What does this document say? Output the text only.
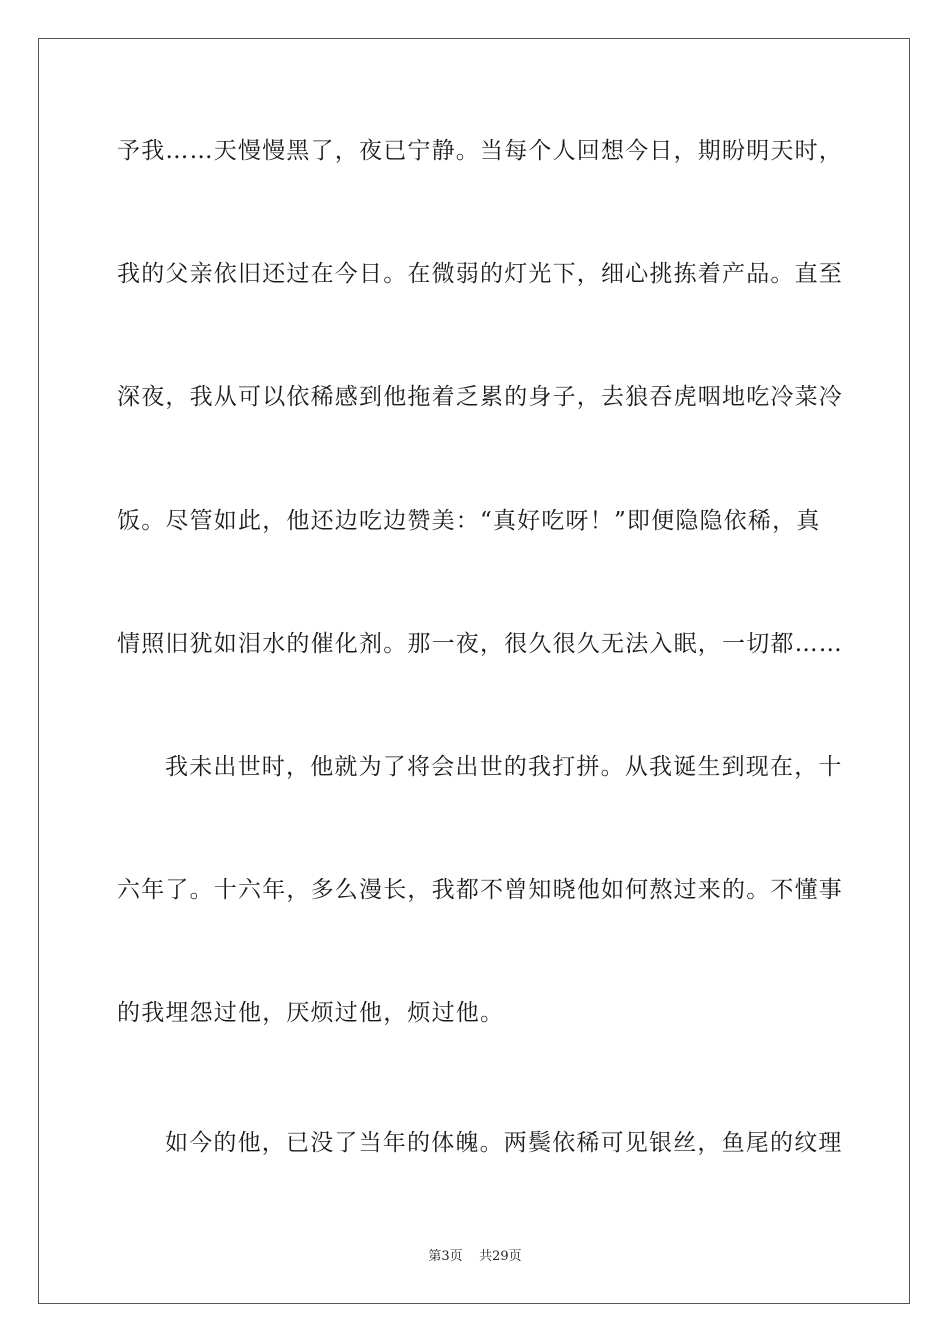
予我……天慢慢黑了，夜已宁静。当每个人回想今日，期盼明天时，
我的父亲依旧还过在今日。在微弱的灯光下，细心挑拣着产品。直至
深夜，我从可以依稀感到他拖着乏累的身子，去狼吞虎咽地吃冷菜冷
饭。尽管如此，他还边吃边赞美：“真好吃呀！”即便隐隐依稀，真
情照旧犹如泪水的催化剂。那一夜，很久很久无法入眠，一切都……
我未出世时，他就为了将会出世的我打拼。从我诞生到现在，十
六年了。十六年，多么漫长，我都不曾知晓他如何熬过来的。不懂事
的我埋怨过他，厌烦过他，烦过他。
如今的他，已没了当年的体魄。两鬓依稀可见银丝，鱼尾的纹理
第3页 共29页
